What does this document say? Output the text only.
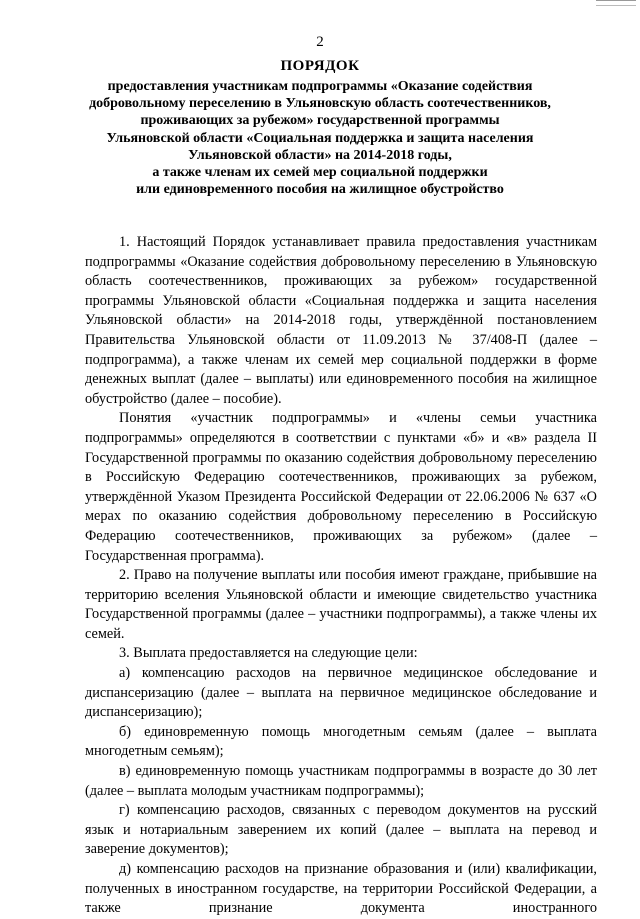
2
ПОРЯДОК
предоставления участникам подпрограммы «Оказание содействия
добровольному переселению в Ульяновскую область соотечественников,
проживающих за рубежом» государственной программы
Ульяновской области «Социальная поддержка и защита населения
Ульяновской области» на 2014-2018 годы,
а также членам их семей мер социальной поддержки
или единовременного пособия на жилищное обустройство

1. Настоящий Порядок устанавливает правила предоставления участникам подпрограммы «Оказание содействия добровольному переселению в Ульяновскую область соотечественников, проживающих за рубежом» государственной программы Ульяновской области «Социальная поддержка и защита населения Ульяновской области» на 2014-2018 годы, утверждённой постановлением Правительства Ульяновской области от 11.09.2013 № 37/408-П (далее – подпрограмма), а также членам их семей мер социальной поддержки в форме денежных выплат (далее – выплаты) или единовременного пособия на жилищное обустройство (далее – пособие).

Понятия «участник подпрограммы» и «члены семьи участника подпрограммы» определяются в соответствии с пунктами «б» и «в» раздела II Государственной программы по оказанию содействия добровольному переселению в Российскую Федерацию соотечественников, проживающих за рубежом, утверждённой Указом Президента Российской Федерации от 22.06.2006 № 637 «О мерах по оказанию содействия добровольному переселению в Российскую Федерацию соотечественников, проживающих за рубежом» (далее – Государственная программа).

2. Право на получение выплаты или пособия имеют граждане, прибывшие на территорию вселения Ульяновской области и имеющие свидетельство участника Государственной программы (далее – участники подпрограммы), а также члены их семей.

3. Выплата предоставляется на следующие цели:

а) компенсацию расходов на первичное медицинское обследование и диспансеризацию (далее – выплата на первичное медицинское обследование и диспансеризацию);

б) единовременную помощь многодетным семьям (далее – выплата многодетным семьям);

в) единовременную помощь участникам подпрограммы в возрасте до 30 лет (далее – выплата молодым участникам подпрограммы);

г) компенсацию расходов, связанных с переводом документов на русский язык и нотариальным заверением их копий (далее – выплата на перевод и заверение документов);

д) компенсацию расходов на признание образования и (или) квалификации, полученных в иностранном государстве, на территории Российской Федерации, а также признание документа иностранного
